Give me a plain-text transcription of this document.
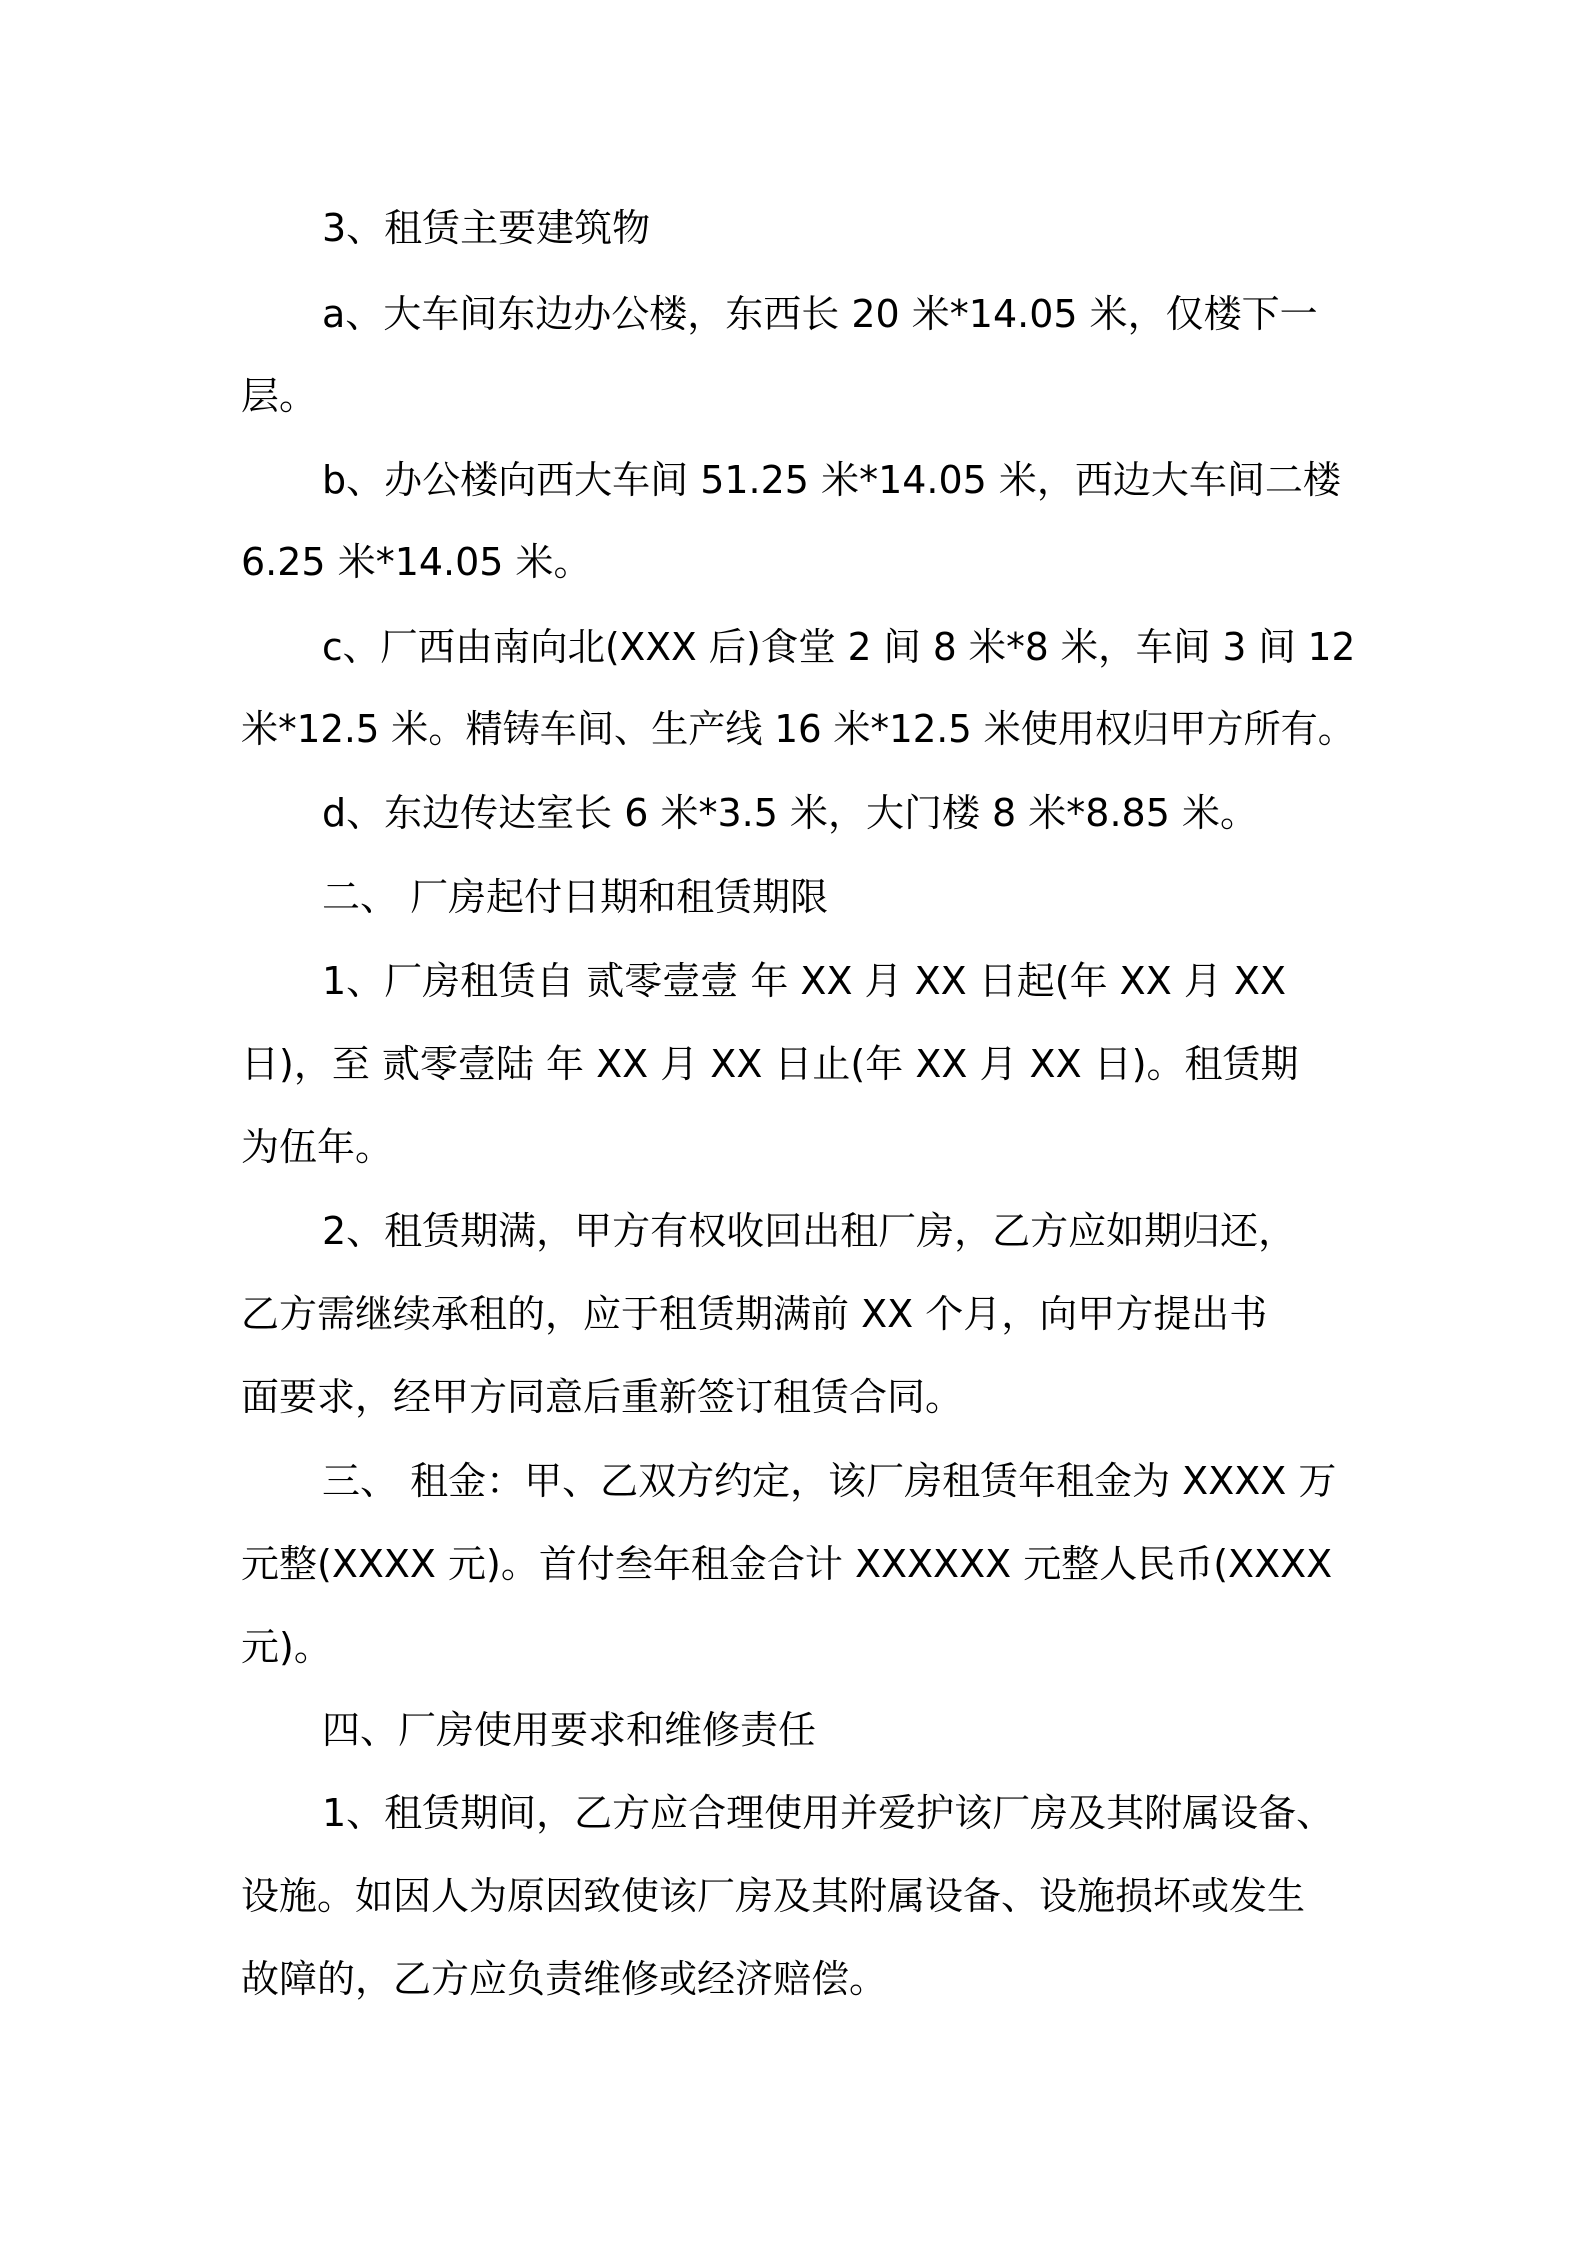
3、租赁主要建筑物

a、大车间东边办公楼，东西长 20 米*14.05 米，仅楼下一

层。

b、办公楼向西大车间 51.25 米*14.05 米，西边大车间二楼

6.25 米*14.05 米。

c、厂西由南向北(XXX 后)食堂 2 间 8 米*8 米，车间 3 间 12

米*12.5 米。精铸车间、生产线 16 米*12.5 米使用权归甲方所有。

d、东边传达室长 6 米*3.5 米，大门楼 8 米*8.85 米。

二、 厂房起付日期和租赁期限

1、厂房租赁自 贰零壹壹 年 XX 月 XX 日起(年 XX 月 XX

日)，至 贰零壹陆 年 XX 月 XX 日止(年 XX 月 XX 日)。租赁期

为伍年。

2、租赁期满，甲方有权收回出租厂房，乙方应如期归还，

乙方需继续承租的，应于租赁期满前 XX 个月，向甲方提出书

面要求，经甲方同意后重新签订租赁合同。

三、 租金：甲、乙双方约定，该厂房租赁年租金为 XXXX 万

元整(XXXX 元)。首付叁年租金合计 XXXXXX 元整人民币(XXXX

元)。

四、厂房使用要求和维修责任

1、租赁期间，乙方应合理使用并爱护该厂房及其附属设备、

设施。如因人为原因致使该厂房及其附属设备、设施损坏或发生

故障的，乙方应负责维修或经济赔偿。
